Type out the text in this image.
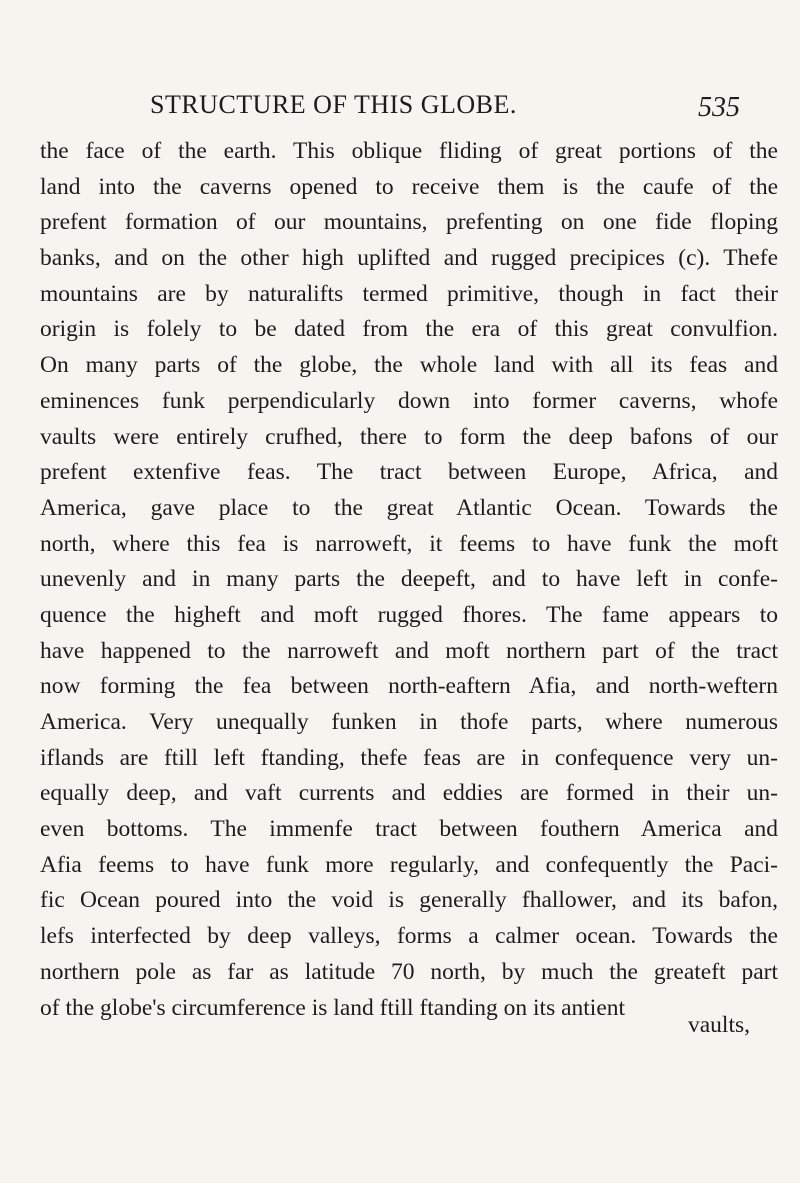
STRUCTURE OF THIS GLOBE.	535
the face of the earth. This oblique fliding of great portions of the
land into the caverns opened to receive them is the caufe of the
prefent formation of our mountains, prefenting on one fide floping
banks, and on the other high uplifted and rugged precipices (c). Thefe
mountains are by naturalifts termed primitive, though in fact their
origin is folely to be dated from the era of this great convulfion.
On many parts of the globe, the whole land with all its feas and
eminences funk perpendicularly down into former caverns, whofe
vaults were entirely crufhed, there to form the deep bafons of our
prefent extenfive feas. The tract between Europe, Africa, and
America, gave place to the great Atlantic Ocean. Towards the
north, where this fea is narroweft, it feems to have funk the moft
unevenly and in many parts the deepeft, and to have left in confe-
quence the higheft and moft rugged fhores. The fame appears to
have happened to the narroweft and moft northern part of the tract
now forming the fea between north-eaftern Afia, and north-weftern
America. Very unequally funken in thofe parts, where numerous
iflands are ftill left ftanding, thefe feas are in confequence very un-
equally deep, and vaft currents and eddies are formed in their un-
even bottoms. The immenfe tract between fouthern America and
Afia feems to have funk more regularly, and confequently the Paci-
fic Ocean poured into the void is generally fhallower, and its bafon,
lefs interfected by deep valleys, forms a calmer ocean. Towards the
northern pole as far as latitude 70 north, by much the greateft part
of the globe's circumference is land ftill ftanding on its antient
vaults,
